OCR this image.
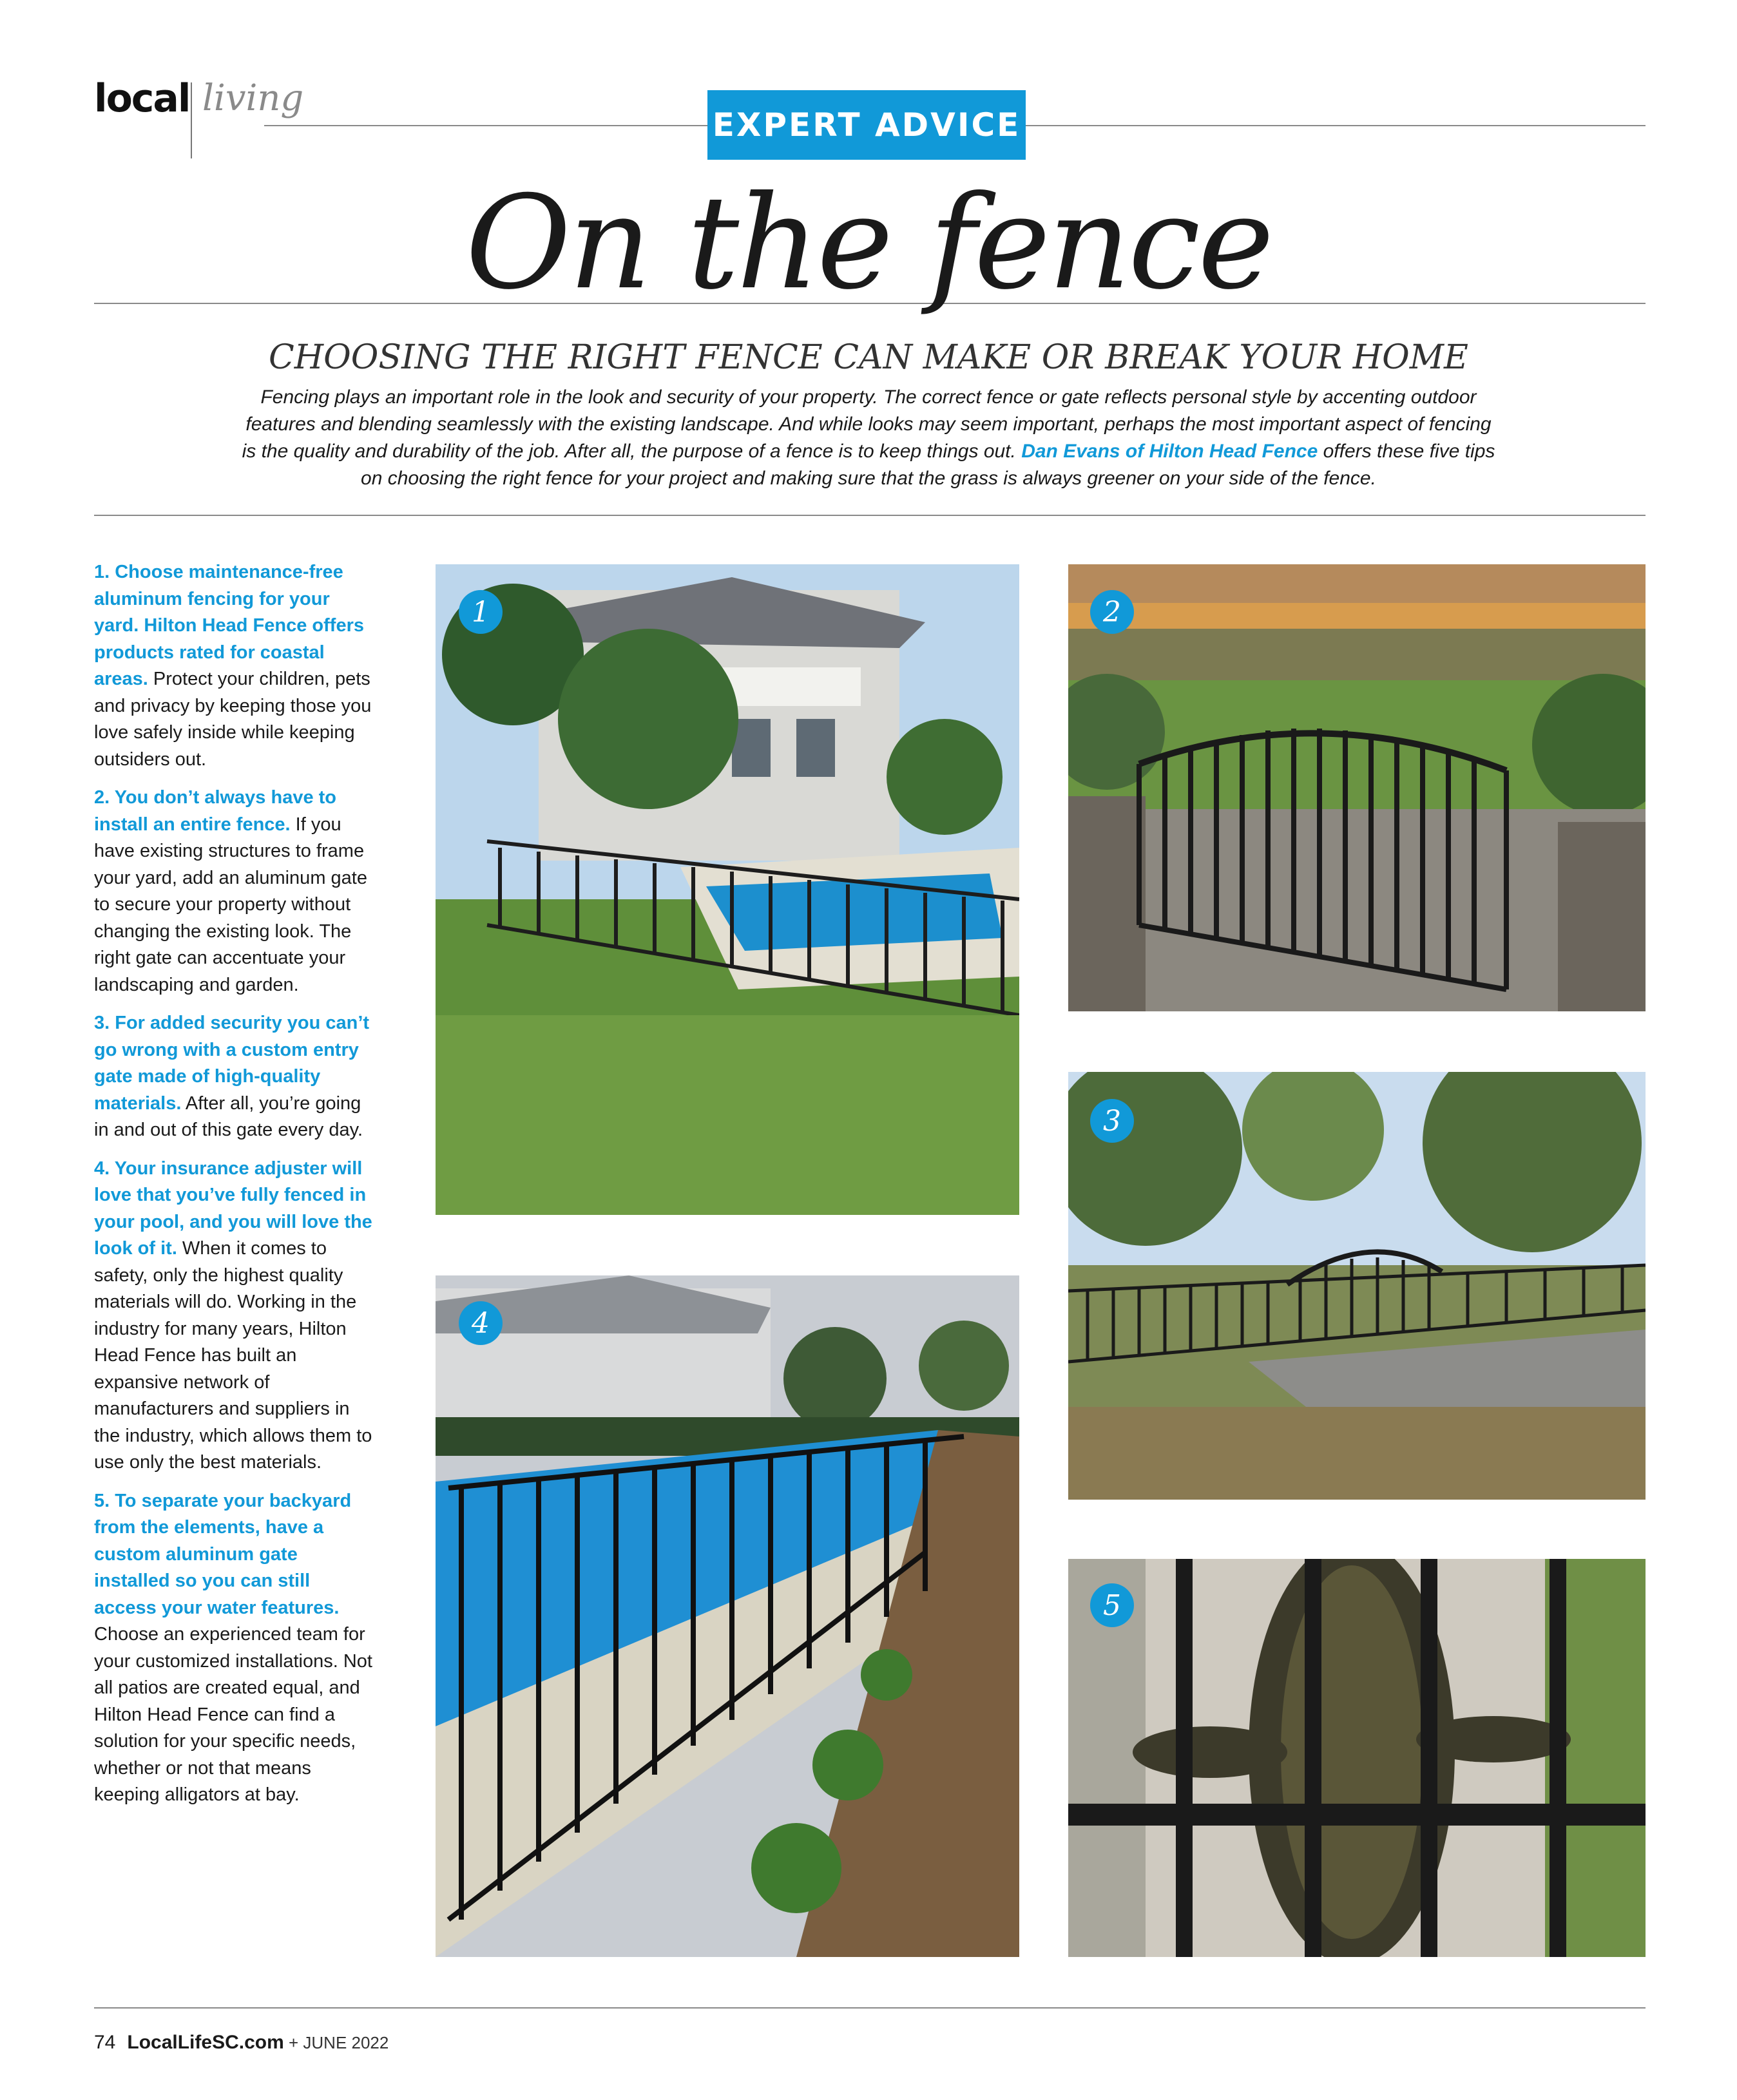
local living
EXPERT ADVICE
On the fence
CHOOSING THE RIGHT FENCE CAN MAKE OR BREAK YOUR HOME
Fencing plays an important role in the look and security of your property. The correct fence or gate reflects personal style by accenting outdoor features and blending seamlessly with the existing landscape. And while looks may seem important, perhaps the most important aspect of fencing is the quality and durability of the job. After all, the purpose of a fence is to keep things out. Dan Evans of Hilton Head Fence offers these five tips on choosing the right fence for your project and making sure that the grass is always greener on your side of the fence.

1. Choose maintenance-free aluminum fencing for your yard. Hilton Head Fence offers products rated for coastal areas. Protect your children, pets and privacy by keeping those you love safely inside while keeping outsiders out.

2. You don’t always have to install an entire fence. If you have existing structures to frame your yard, add an aluminum gate to secure your property without changing the existing look. The right gate can accentuate your landscaping and garden.

3. For added security you can’t go wrong with a custom entry gate made of high-quality materials. After all, you’re going in and out of this gate every day.

4. Your insurance adjuster will love that you’ve fully fenced in your pool, and you will love the look of it. When it comes to safety, only the highest quality materials will do. Working in the industry for many years, Hilton Head Fence has built an expansive network of manufacturers and suppliers in the industry, which allows them to use only the best materials.

5. To separate your backyard from the elements, have a custom aluminum gate installed so you can still access your water features. Choose an experienced team for your customized installations. Not all patios are created equal, and Hilton Head Fence can find a solution for your specific needs, whether or not that means keeping alligators at bay.

1	2
3
4
5
74 LocalLifeSC.com + JUNE 2022
